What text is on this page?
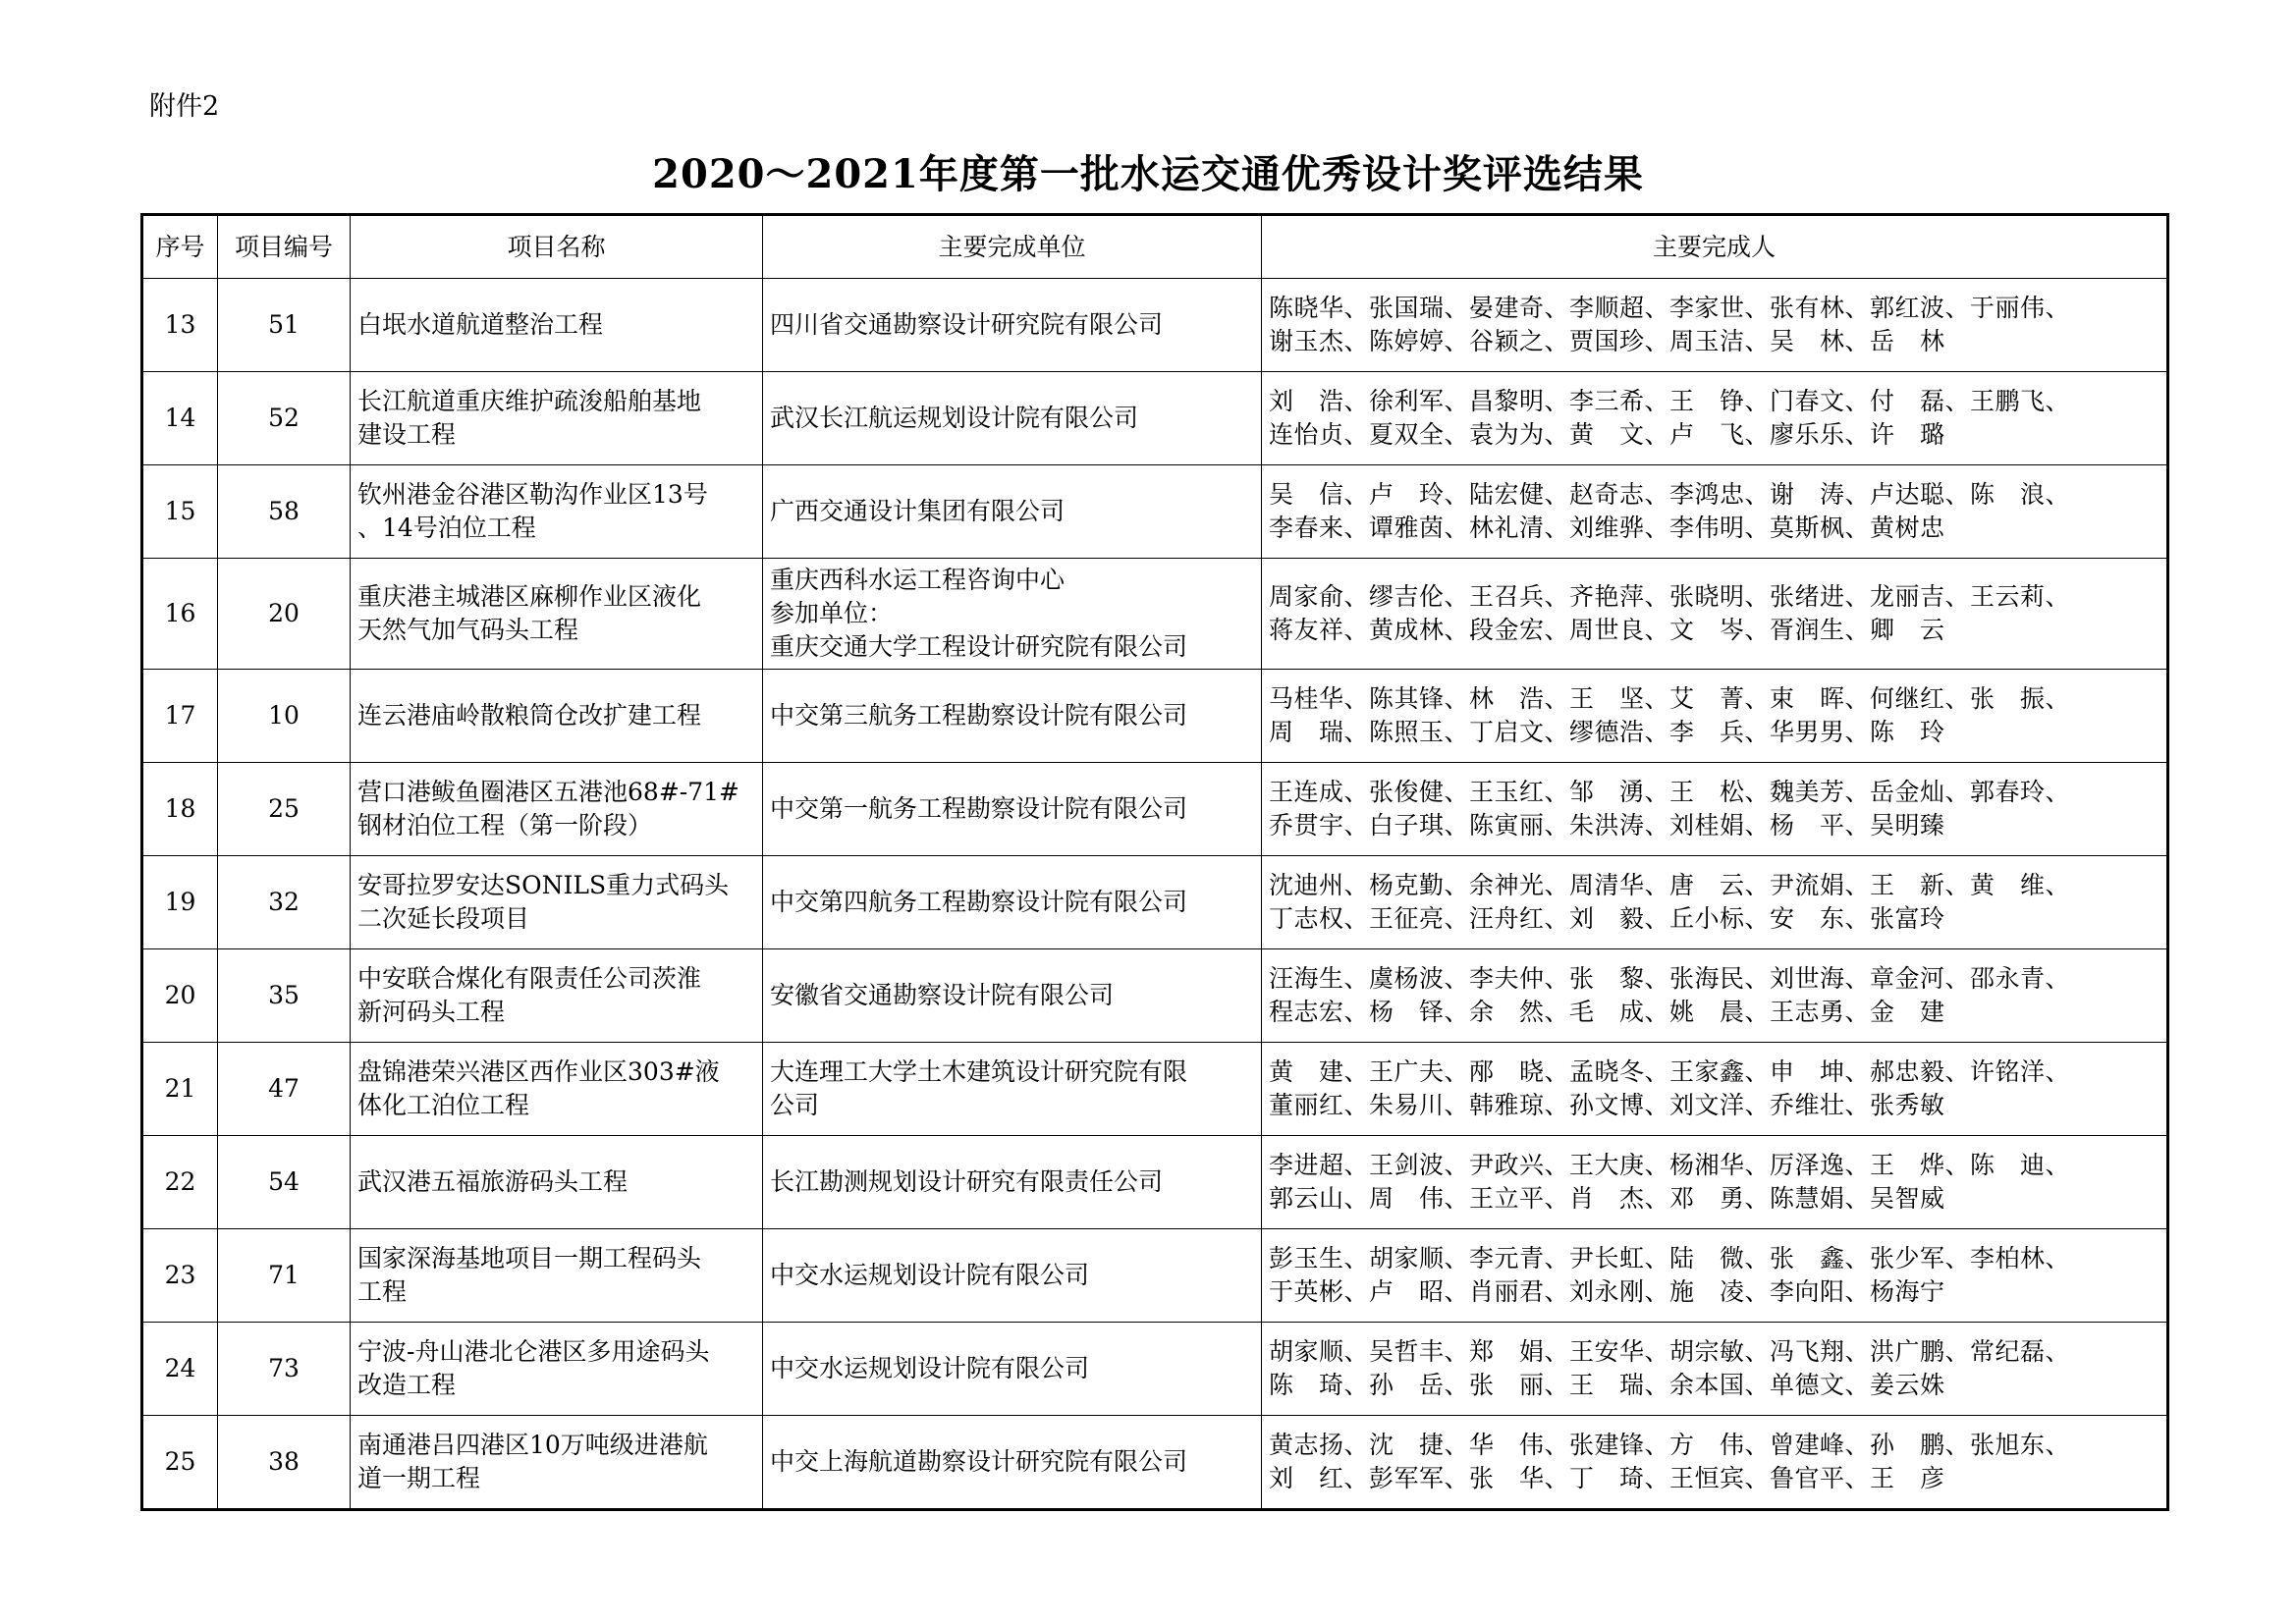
附件2
2020～2021年度第一批水运交通优秀设计奖评选结果
序号	项目编号	项目名称	主要完成单位	主要完成人
13	51	白垊水道航道整治工程	四川省交通勘察设计研究院有限公司	陈晓华、张国瑞、晏建奇、李顺超、李家世、张有林、郭红波、于丽伟、
谢玉杰、陈婷婷、谷颖之、贾国珍、周玉洁、吴　林、岳　林

14	52	长江航道重庆维护疏浚船舶基地
建设工程	武汉长江航运规划设计院有限公司	刘　浩、徐利军、昌黎明、李三希、王　铮、门春文、付　磊、王鹏飞、
连怡贞、夏双全、袁为为、黄　文、卢　飞、廖乐乐、许　璐

15	58	钦州港金谷港区勒沟作业区13号
、14号泊位工程	广西交通设计集团有限公司	吴　信、卢　玲、陆宏健、赵奇志、李鸿忠、谢　涛、卢达聪、陈　浪、
李春来、谭雅茵、林礼清、刘维骅、李伟明、莫斯枫、黄树忠

16	20	重庆港主城港区麻柳作业区液化
天然气加气码头工程	重庆西科水运工程咨询中心
参加单位：
重庆交通大学工程设计研究院有限公司	周家俞、缪吉伦、王召兵、齐艳萍、张晓明、张绪进、龙丽吉、王云莉、
蒋友祥、黄成林、段金宏、周世良、文　岑、胥润生、卿　云

17	10	连云港庙岭散粮筒仓改扩建工程	中交第三航务工程勘察设计院有限公司	马桂华、陈其锋、林　浩、王　坚、艾　菁、束　晖、何继红、张　振、
周　瑞、陈照玉、丁启文、缪德浩、李　兵、华男男、陈　玲

18	25	营口港鲅鱼圈港区五港池68#-71#
钢材泊位工程（第一阶段）	中交第一航务工程勘察设计院有限公司	王连成、张俊健、王玉红、邹　湧、王　松、魏美芳、岳金灿、郭春玲、
乔贯宇、白子琪、陈寅丽、朱洪涛、刘桂娟、杨　平、吴明臻

19	32	安哥拉罗安达SONILS重力式码头
二次延长段项目	中交第四航务工程勘察设计院有限公司	沈迪州、杨克勤、余神光、周清华、唐　云、尹流娟、王　新、黄　维、
丁志权、王征亮、汪舟红、刘　毅、丘小标、安　东、张富玲

20	35	中安联合煤化有限责任公司茨淮
新河码头工程	安徽省交通勘察设计院有限公司	汪海生、虞杨波、李夫仲、张　黎、张海民、刘世海、章金河、邵永青、
程志宏、杨　铎、余　然、毛　成、姚　晨、王志勇、金　建

21	47	盘锦港荣兴港区西作业区303#液
体化工泊位工程	大连理工大学土木建筑设计研究院有限
公司	黄　建、王广夫、邴　晓、孟晓冬、王家鑫、申　坤、郝忠毅、许铭洋、
董丽红、朱易川、韩雅琼、孙文博、刘文洋、乔维壮、张秀敏

22	54	武汉港五福旅游码头工程	长江勘测规划设计研究有限责任公司	李进超、王剑波、尹政兴、王大庚、杨湘华、厉泽逸、王　烨、陈　迪、
郭云山、周　伟、王立平、肖　杰、邓　勇、陈慧娟、吴智威

23	71	国家深海基地项目一期工程码头
工程	中交水运规划设计院有限公司	彭玉生、胡家顺、李元青、尹长虹、陆　微、张　鑫、张少军、李柏林、
于英彬、卢　昭、肖丽君、刘永刚、施　凌、李向阳、杨海宁

24	73	宁波-舟山港北仑港区多用途码头
改造工程	中交水运规划设计院有限公司	胡家顺、吴哲丰、郑　娟、王安华、胡宗敏、冯飞翔、洪广鹏、常纪磊、
陈　琦、孙　岳、张　丽、王　瑞、余本国、单德文、姜云姝

25	38	南通港吕四港区10万吨级进港航
道一期工程	中交上海航道勘察设计研究院有限公司	黄志扬、沈　捷、华　伟、张建锋、方　伟、曾建峰、孙　鹏、张旭东、
刘　红、彭军军、张　华、丁　琦、王恒宾、鲁官平、王　彦
